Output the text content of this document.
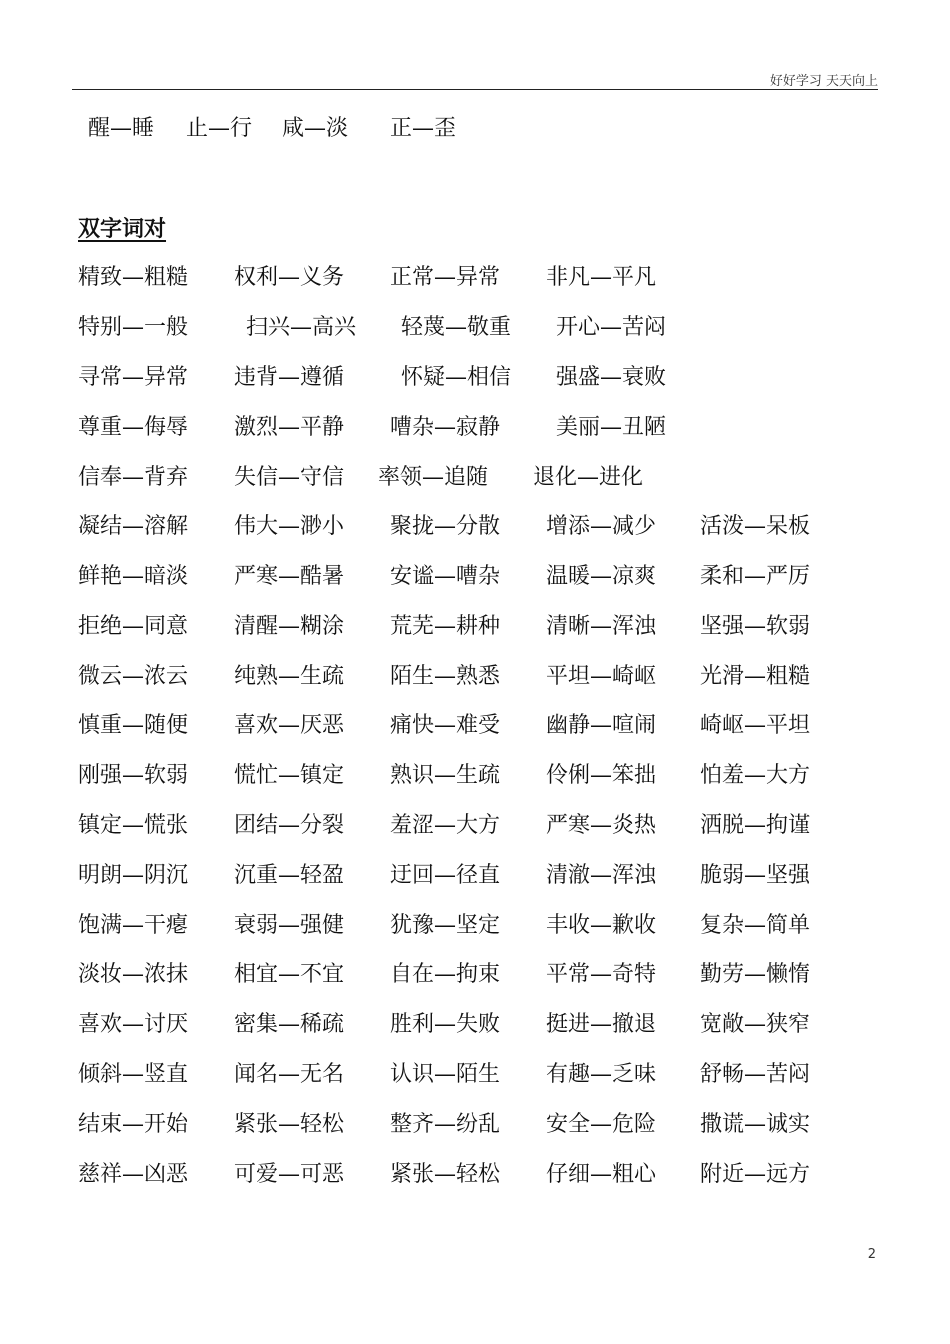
好好学习 天天向上
醒—睡 止—行 咸—淡 正—歪
双字词对
精致—粗糙 权利—义务 正常—异常 非凡—平凡
特别—一般	扫兴—高兴 轻蔑—敬重 开心—苦闷
寻常—异常 违背—遵循	怀疑—相信 强盛—衰败
尊重—侮辱 激烈—平静 嘈杂—寂静	美丽—丑陋
信奉—背弃 失信—守信 率领—追随 退化—进化
凝结—溶解 伟大—渺小 聚拢—分散 增添—减少 活泼—呆板
鲜艳—暗淡 严寒—酷暑 安谧—嘈杂 温暖—凉爽 柔和—严厉
拒绝—同意 清醒—糊涂 荒芜—耕种 清晰—浑浊 坚强—软弱
微云—浓云 纯熟—生疏 陌生—熟悉 平坦—崎岖 光滑—粗糙
慎重—随便 喜欢—厌恶 痛快—难受 幽静—喧闹 崎岖—平坦
刚强—软弱 慌忙—镇定 熟识—生疏 伶俐—笨拙 怕羞—大方
镇定—慌张 团结—分裂 羞涩—大方 严寒—炎热 洒脱—拘谨
明朗—阴沉 沉重—轻盈 迂回—径直 清澈—浑浊 脆弱—坚强
饱满—干瘪 衰弱—强健 犹豫—坚定 丰收—歉收 复杂—简单
淡妆—浓抹 相宜—不宜 自在—拘束 平常—奇特 勤劳—懒惰
喜欢—讨厌 密集—稀疏 胜利—失败 挺进—撤退 宽敞—狭窄
倾斜—竖直 闻名—无名 认识—陌生 有趣—乏味 舒畅—苦闷
结束—开始 紧张—轻松 整齐—纷乱 安全—危险 撒谎—诚实
慈祥—凶恶 可爱—可恶 紧张—轻松 仔细—粗心 附近—远方
2
